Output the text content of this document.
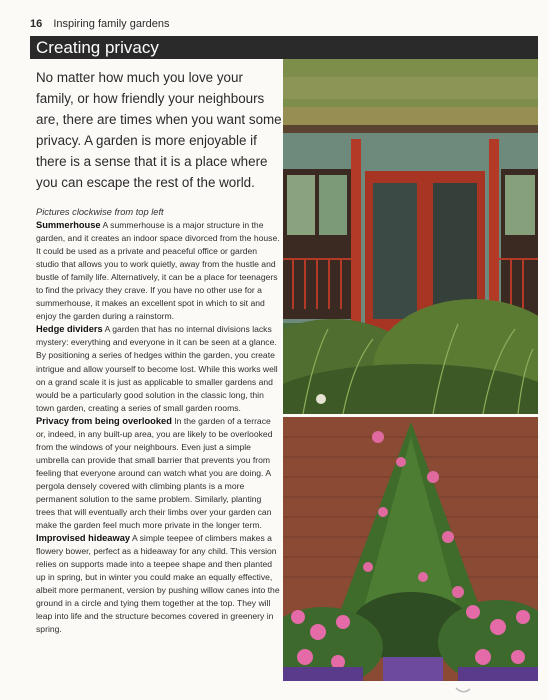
16 Inspiring family gardens
Creating privacy

No matter how much you love your family, or how friendly your neighbours are, there are times when you want some privacy. A garden is more enjoyable if there is a sense that it is a place where you can escape the rest of the world.

Pictures clockwise from top left

Summerhouse A summerhouse is a major structure in the garden, and it creates an indoor space divorced from the house. It could be used as a private and peaceful office or garden studio that allows you to work quietly, away from the hustle and bustle of family life. Alternatively, it can be a place for teenagers to find the privacy they crave. If you have no other use for a summerhouse, it makes an excellent spot in which to sit and enjoy the garden during a rainstorm.

Hedge dividers A garden that has no internal divisions lacks mystery: everything and everyone in it can be seen at a glance. By positioning a series of hedges within the garden, you create intrigue and allow yourself to become lost. While this works well on a grand scale it is just as applicable to smaller gardens and would be a particularly good solution in the classic long, thin town garden, creating a series of small garden rooms.

Privacy from being overlooked In the garden of a terrace or, indeed, in any built-up area, you are likely to be overlooked from the windows of your neighbours. Even just a simple umbrella can provide that small barrier that prevents you from feeling that everyone around can watch what you are doing. A pergola densely covered with climbing plants is a more permanent solution to the same problem. Similarly, planting trees that will eventually arch their limbs over your garden can make the garden feel much more private in the longer term.

Improvised hideaway A simple teepee of climbers makes a flowery bower, perfect as a hideaway for any child. This version relies on supports made into a teepee shape and then planted up in spring, but in winter you could make an equally effective, albeit more permanent, version by pushing willow canes into the ground in a circle and tying them together at the top. They will leap into life and the structure becomes covered in greenery in spring.
